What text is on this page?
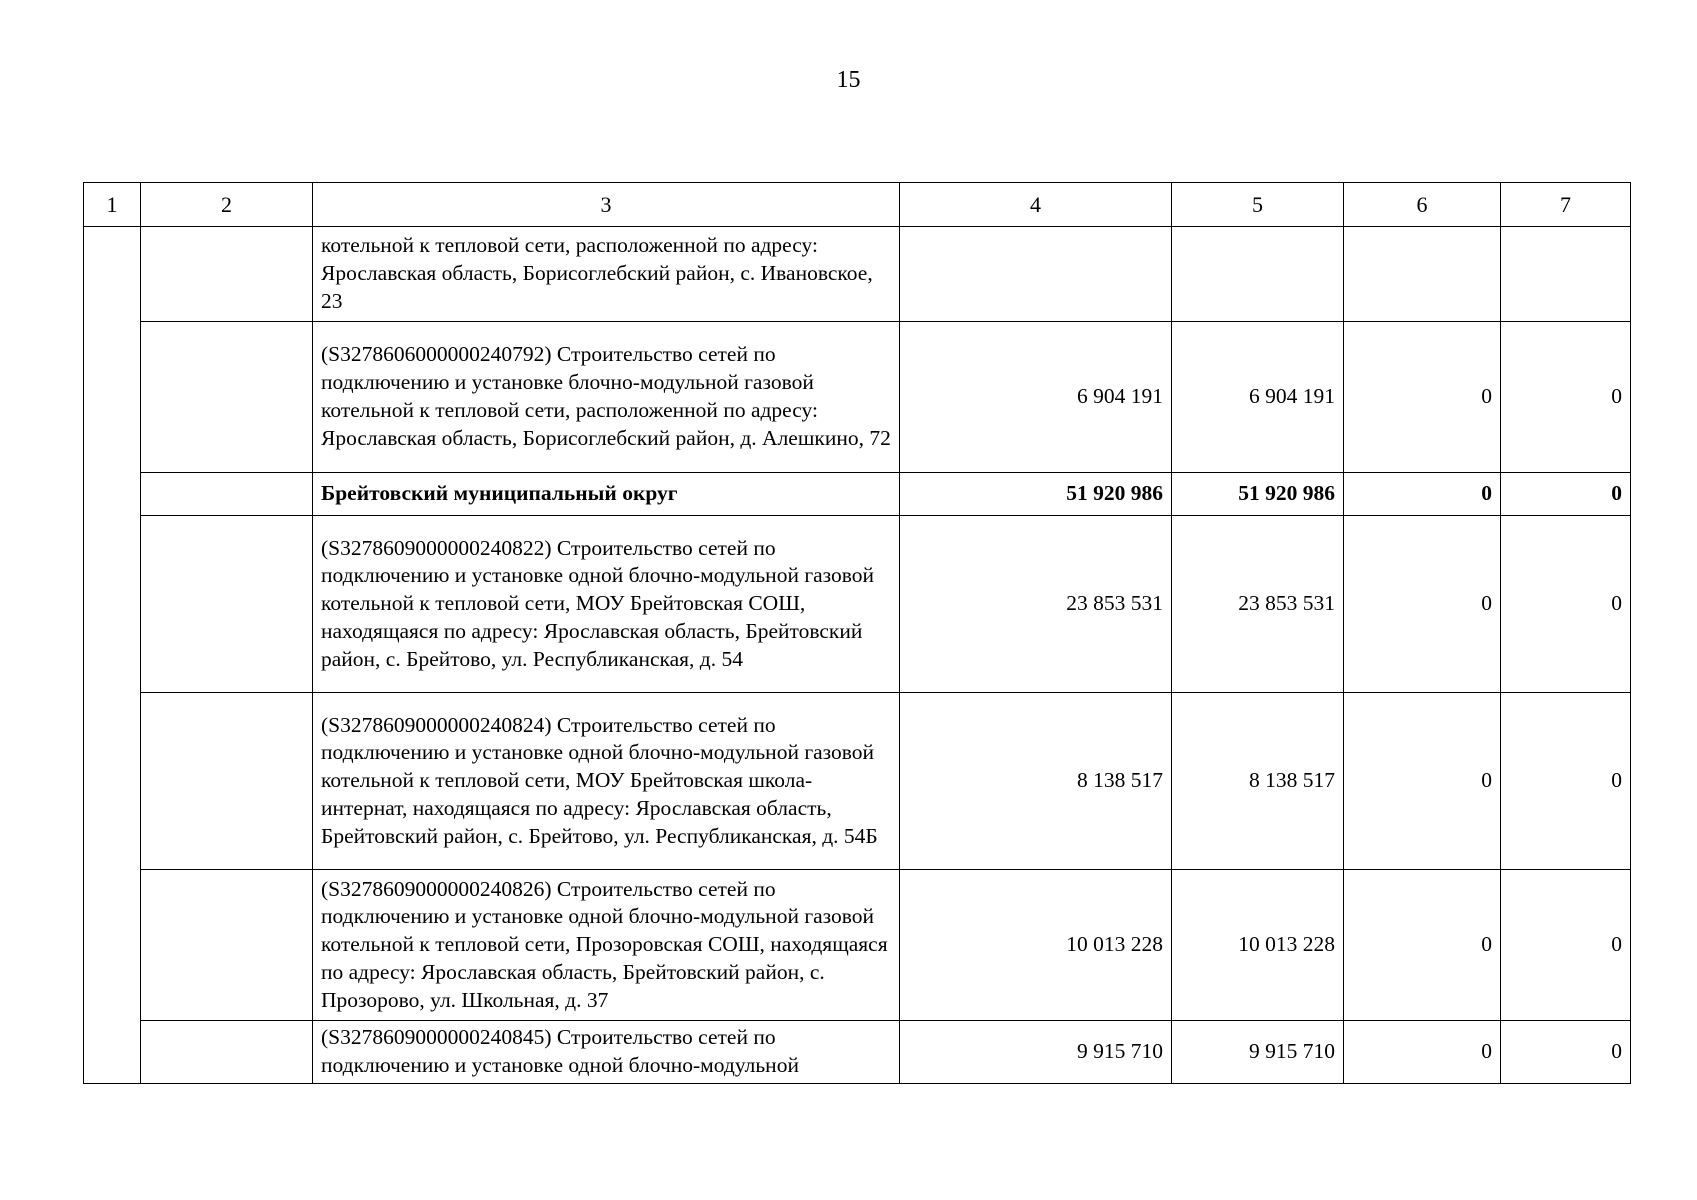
15
1	2	3	4	5	6	7
		котельной к тепловой сети, расположенной по адресу: Ярославская область, Борисоглебский район, с. Ивановское, 23				
		(S3278606000000240792) Строительство сетей по подключению и установке блочно-модульной газовой котельной к тепловой сети, расположенной по адресу: Ярославская область, Борисоглебский район, д. Алешкино, 72	6 904 191	6 904 191	0	0
		Брейтовский муниципальный округ	51 920 986	51 920 986	0	0
		(S3278609000000240822) Строительство сетей по подключению и установке одной блочно-модульной газовой котельной к тепловой сети, МОУ Брейтовская СОШ, находящаяся по адресу: Ярославская область, Брейтовский район, с. Брейтово, ул. Республиканская, д. 54	23 853 531	23 853 531	0	0
		(S3278609000000240824) Строительство сетей по подключению и установке одной блочно-модульной газовой котельной к тепловой сети, МОУ Брейтовская школа-интернат, находящаяся по адресу: Ярославская область, Брейтовский район, с. Брейтово, ул. Республиканская, д. 54Б	8 138 517	8 138 517	0	0
		(S3278609000000240826) Строительство сетей по подключению и установке одной блочно-модульной газовой котельной к тепловой сети, Прозоровская СОШ, находящаяся по адресу: Ярославская область, Брейтовский район, с. Прозорово, ул. Школьная, д. 37	10 013 228	10 013 228	0	0
		(S3278609000000240845) Строительство сетей по подключению и установке одной блочно-модульной	9 915 710	9 915 710	0	0
